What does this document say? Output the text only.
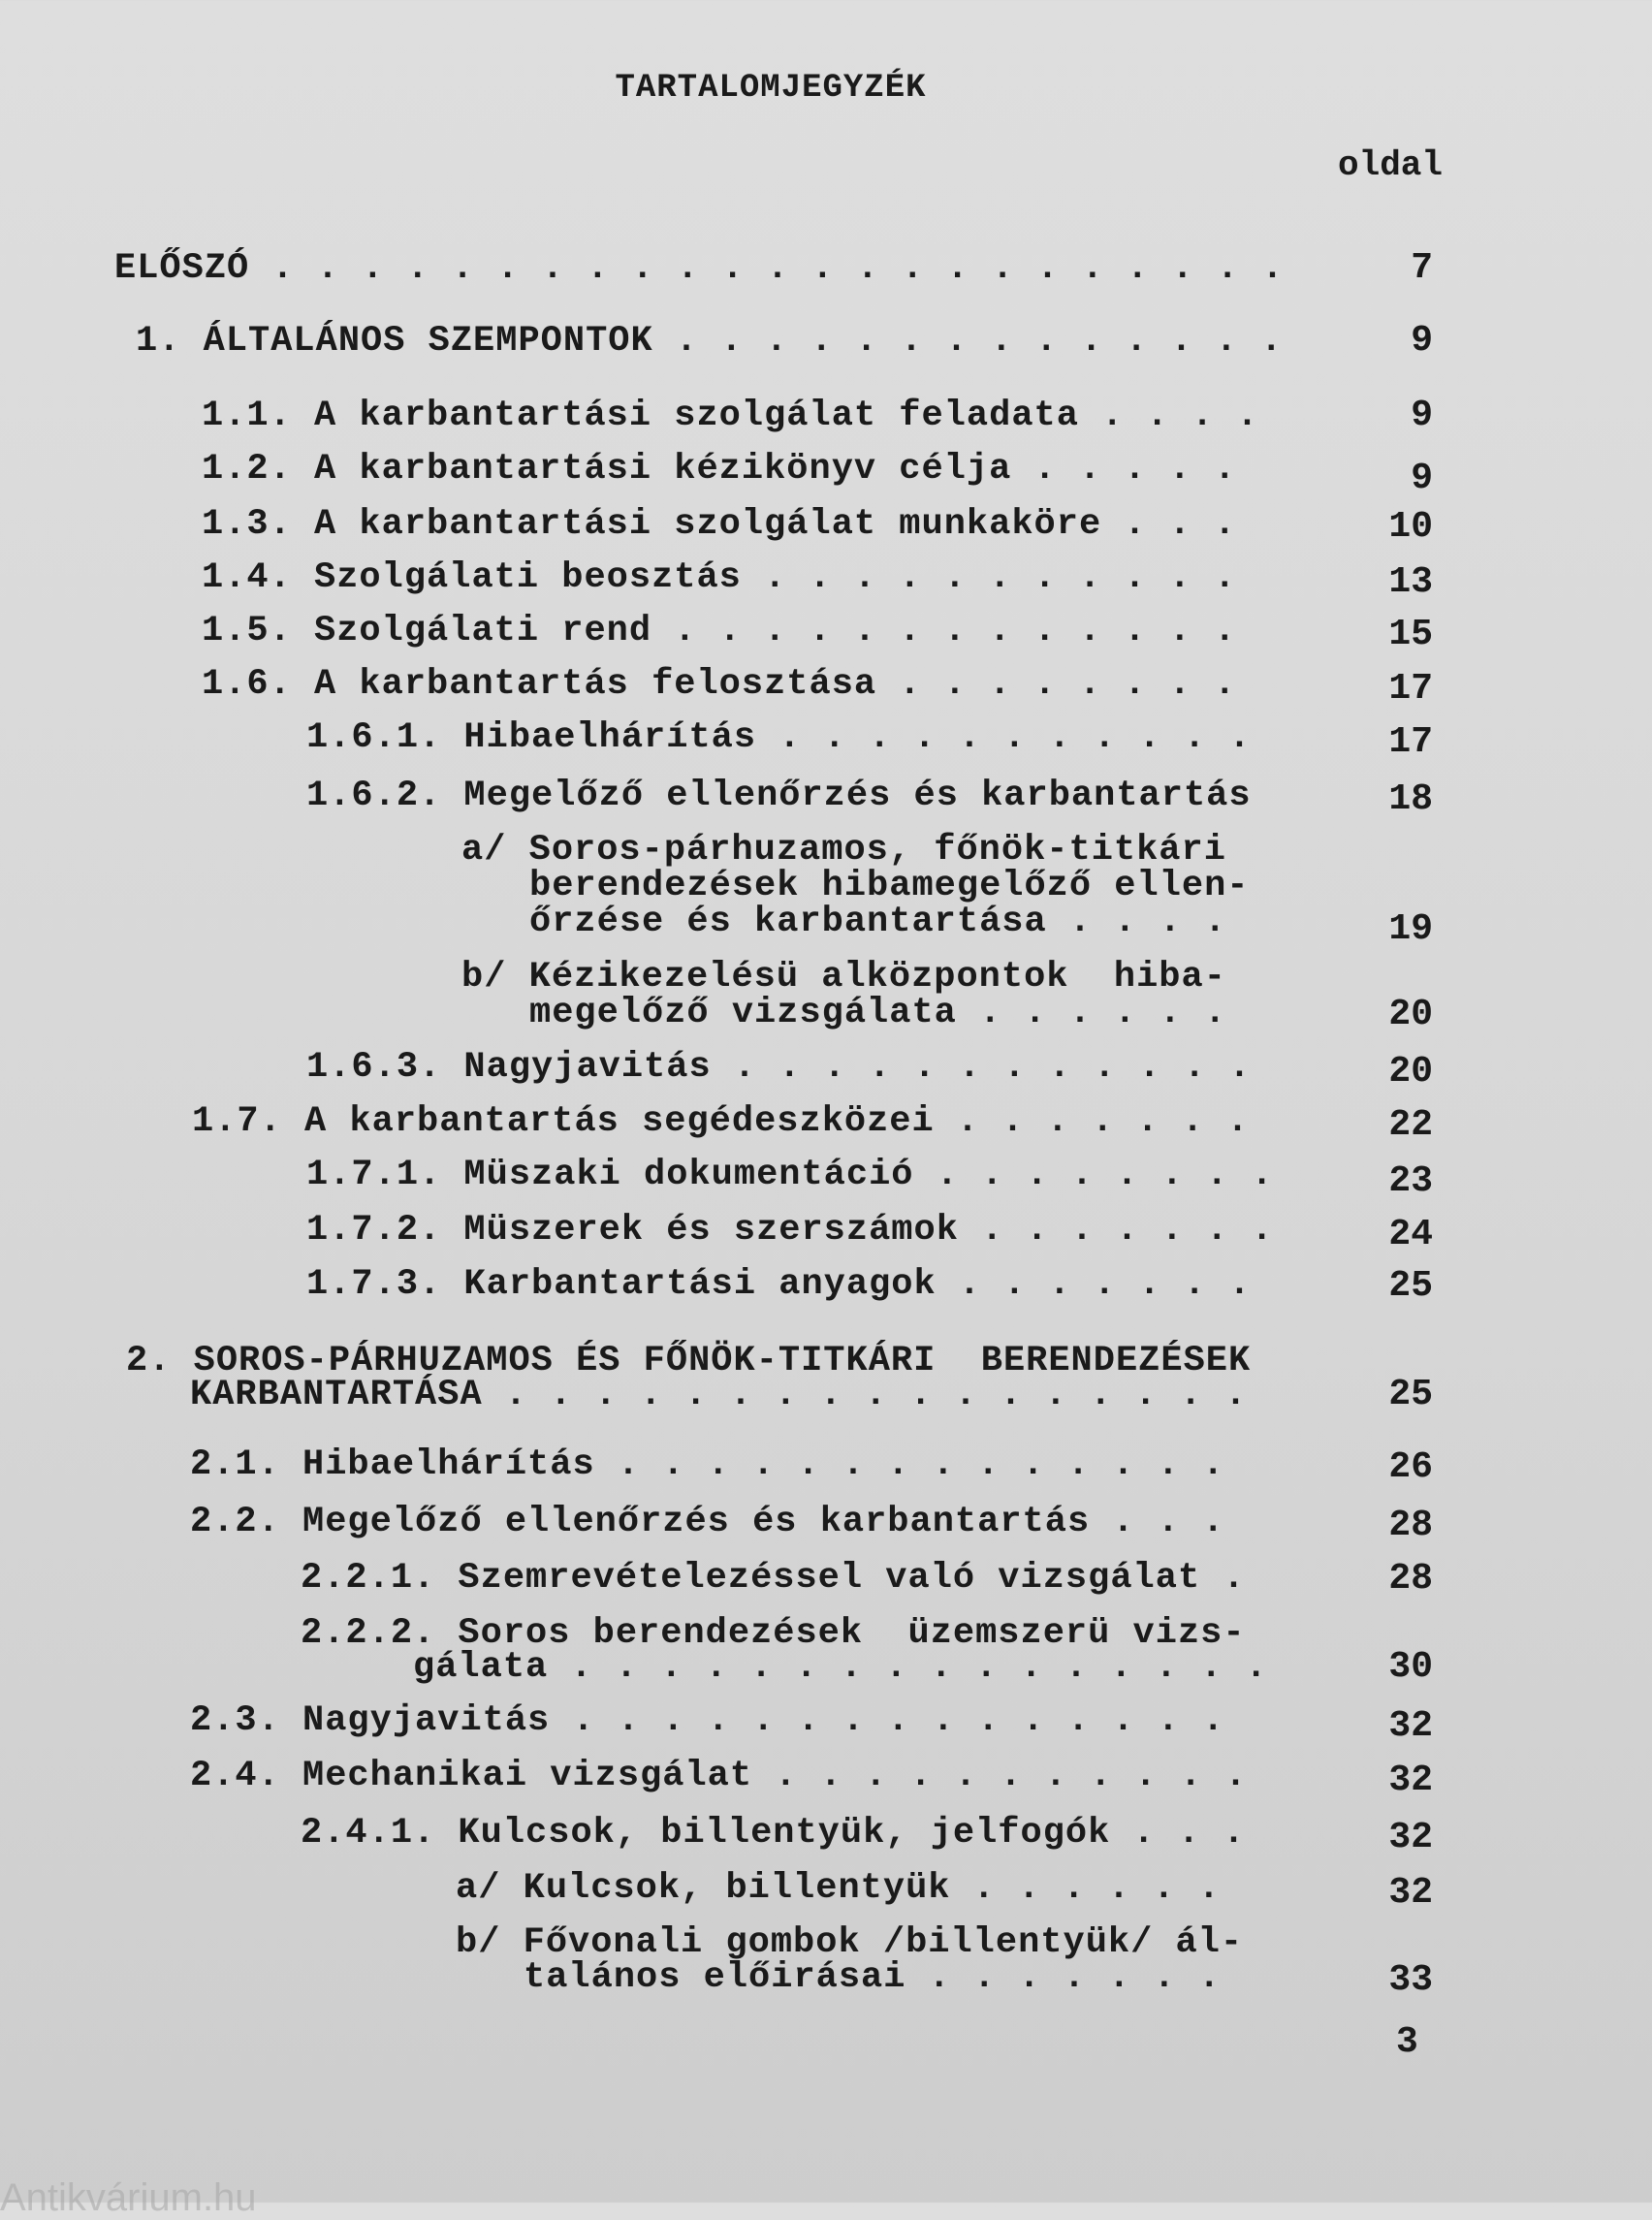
TARTALOMJEGYZÉK
oldal
ELŐSZÓ . . . . . . . . . . . . . . . . . . . . . . .	7
1. ÁLTALÁNOS SZEMPONTOK . . . . . . . . . . . . . .	9
1.1. A karbantartási szolgálat feladata . . . .	9
1.2. A karbantartási kézikönyv célja . . . . .	9
1.3. A karbantartási szolgálat munkaköre . . .	10
1.4. Szolgálati beosztás . . . . . . . . . . .	13
1.5. Szolgálati rend . . . . . . . . . . . . .	15
1.6. A karbantartás felosztása . . . . . . . .	17
1.6.1. Hibaelhárítás . . . . . . . . . . .	17
1.6.2. Megelőző ellenőrzés és karbantartás	18
a/ Soros-párhuzamos, főnök-titkári
berendezések hibamegelőző ellen-
őrzése és karbantartása . . . .	19
b/ Kézikezelésü alközpontok  hiba-
megelőző vizsgálata . . . . . .	20
1.6.3. Nagyjavitás . . . . . . . . . . . .	20
1.7. A karbantartás segédeszközei . . . . . . .	22
1.7.1. Müszaki dokumentáció . . . . . . . .	23
1.7.2. Müszerek és szerszámok . . . . . . .	24
1.7.3. Karbantartási anyagok . . . . . . .	25
2. SOROS-PÁRHUZAMOS ÉS FŐNÖK-TITKÁRI  BERENDEZÉSEK
KARBANTARTÁSA . . . . . . . . . . . . . . . . .	25
2.1. Hibaelhárítás . . . . . . . . . . . . . .	26
2.2. Megelőző ellenőrzés és karbantartás . . .	28
2.2.1. Szemrevételezéssel való vizsgálat .	28
2.2.2. Soros berendezések  üzemszerü vizs-
gálata . . . . . . . . . . . . . . . .	30
2.3. Nagyjavitás . . . . . . . . . . . . . . .	32
2.4. Mechanikai vizsgálat . . . . . . . . . . .	32
2.4.1. Kulcsok, billentyük, jelfogók . . .	32
a/ Kulcsok, billentyük . . . . . .	32
b/ Fővonali gombok /billentyük/ ál-
talános előirásai . . . . . . .	33
3
Antikvárium.hu
